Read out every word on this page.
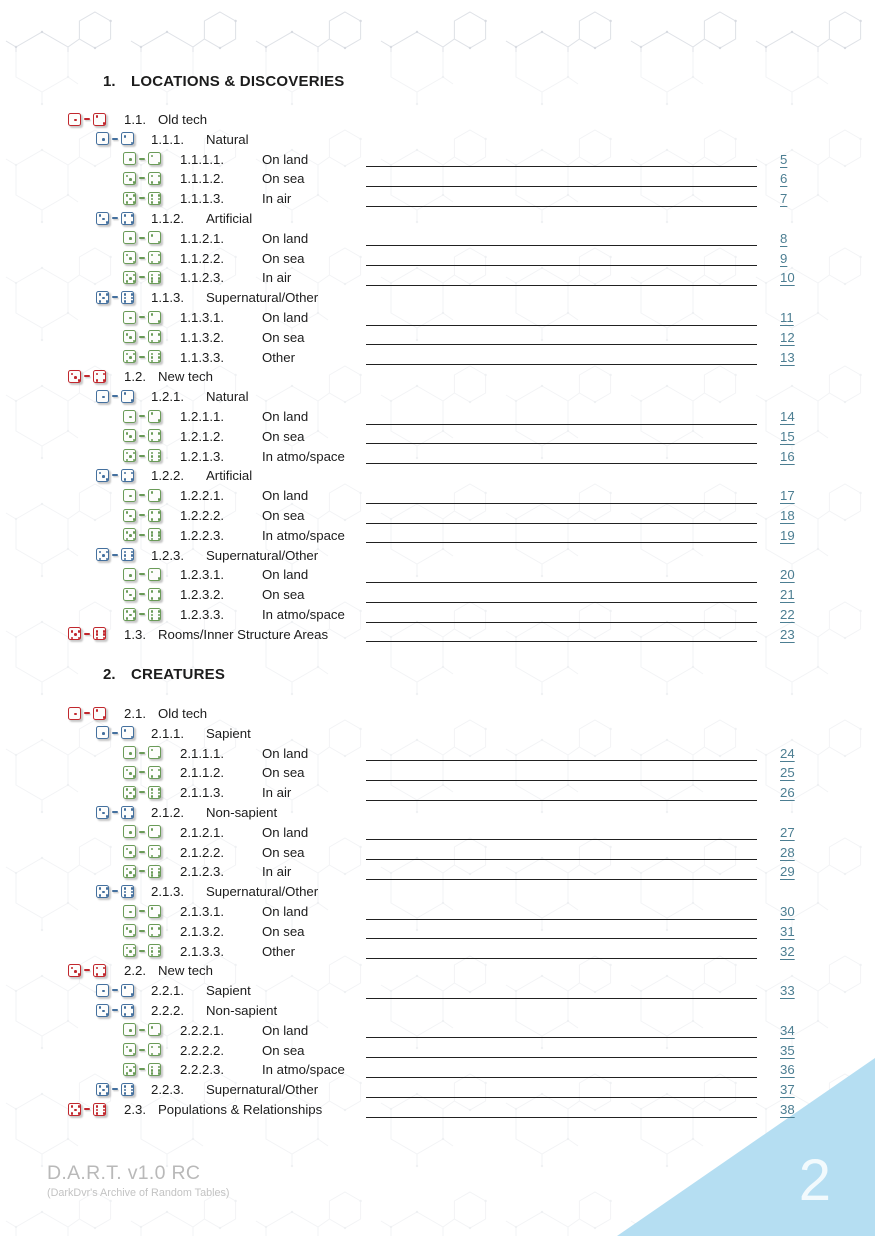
1. LOCATIONS & DISCOVERIES
1.1. Old tech
1.1.1. Natural
1.1.1.1.	On land	5
1.1.1.2.	On sea	6
1.1.1.3.	In air	7
1.1.2. Artificial
1.1.2.1.	On land	8
1.1.2.2.	On sea	9
1.1.2.3.	In air	10
1.1.3. Supernatural/Other
1.1.3.1.	On land	11
1.1.3.2.	On sea	12
1.1.3.3.	Other	13
1.2. New tech
1.2.1. Natural
1.2.1.1.	On land	14
1.2.1.2.	On sea	15
1.2.1.3.	In atmo/space	16
1.2.2. Artificial
1.2.2.1.	On land	17
1.2.2.2.	On sea	18
1.2.2.3.	In atmo/space	19
1.2.3. Supernatural/Other
1.2.3.1.	On land	20
1.2.3.2.	On sea	21
1.2.3.3.	In atmo/space	22
1.3. Rooms/Inner Structure Areas	23
2. CREATURES
2.1. Old tech
2.1.1. Sapient
2.1.1.1.	On land	24
2.1.1.2.	On sea	25
2.1.1.3.	In air	26
2.1.2. Non-sapient
2.1.2.1.	On land	27
2.1.2.2.	On sea	28
2.1.2.3.	In air	29
2.1.3. Supernatural/Other
2.1.3.1.	On land	30
2.1.3.2.	On sea	31
2.1.3.3.	Other	32
2.2. New tech
2.2.1. Sapient	33
2.2.2. Non-sapient
2.2.2.1.	On land	34
2.2.2.2.	On sea	35
2.2.2.3.	In atmo/space	36
2.2.3. Supernatural/Other	37
2.3. Populations & Relationships	38
2
D.A.R.T. v1.0 RC
(DarkDvr's Archive of Random Tables)
